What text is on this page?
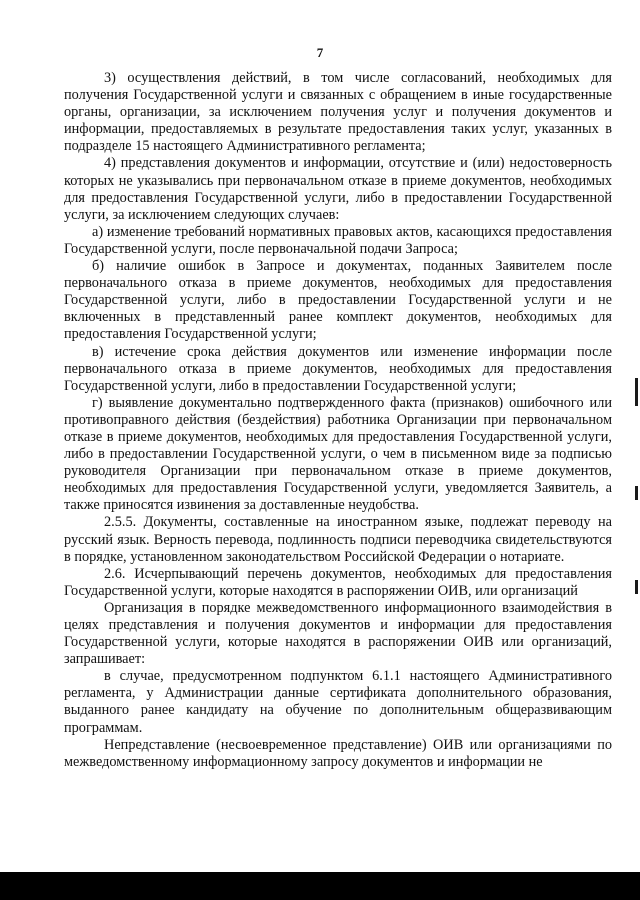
7

3) осуществления действий, в том числе согласований, необходимых для получения Государственной услуги и связанных с обращением в иные государственные органы, организации, за исключением получения услуг и получения документов и информации, предоставляемых в результате предоставления таких услуг, указанных в подразделе 15 настоящего Административного регламента;

4) представления документов и информации, отсутствие и (или) недостоверность которых не указывались при первоначальном отказе в приеме документов, необходимых для предоставления Государственной услуги, либо в предоставлении Государственной услуги, за исключением следующих случаев:

а) изменение требований нормативных правовых актов, касающихся предоставления Государственной услуги, после первоначальной подачи Запроса;

б) наличие ошибок в Запросе и документах, поданных Заявителем после первоначального отказа в приеме документов, необходимых для предоставления Государственной услуги, либо в предоставлении Государственной услуги и не включенных в представленный ранее комплект документов, необходимых для предоставления Государственной услуги;

в) истечение срока действия документов или изменение информации после первоначального отказа в приеме документов, необходимых для предоставления Государственной услуги, либо в предоставлении Государственной услуги;

г) выявление документально подтвержденного факта (признаков) ошибочного или противоправного действия (бездействия) работника Организации при первоначальном отказе в приеме документов, необходимых для предоставления Государственной услуги, либо в предоставлении Государственной услуги, о чем в письменном виде за подписью руководителя Организации при первоначальном отказе в приеме документов, необходимых для предоставления Государственной услуги, уведомляется Заявитель, а также приносятся извинения за доставленные неудобства.

2.5.5. Документы, составленные на иностранном языке, подлежат переводу на русский язык. Верность перевода, подлинность подписи переводчика свидетельствуются в порядке, установленном законодательством Российской Федерации о нотариате.

2.6. Исчерпывающий перечень документов, необходимых для предоставления Государственной услуги, которые находятся в распоряжении ОИВ, или организаций

Организация в порядке межведомственного информационного взаимодействия в целях представления и получения документов и информации для предоставления Государственной услуги, которые находятся в распоряжении ОИВ или организаций, запрашивает:

в случае, предусмотренном подпунктом 6.1.1 настоящего Административного регламента, у Администрации данные сертификата дополнительного образования, выданного ранее кандидату на обучение по дополнительным общеразвивающим программам.

Непредставление (несвоевременное представление) ОИВ или организациями по межведомственному информационному запросу документов и информации не
